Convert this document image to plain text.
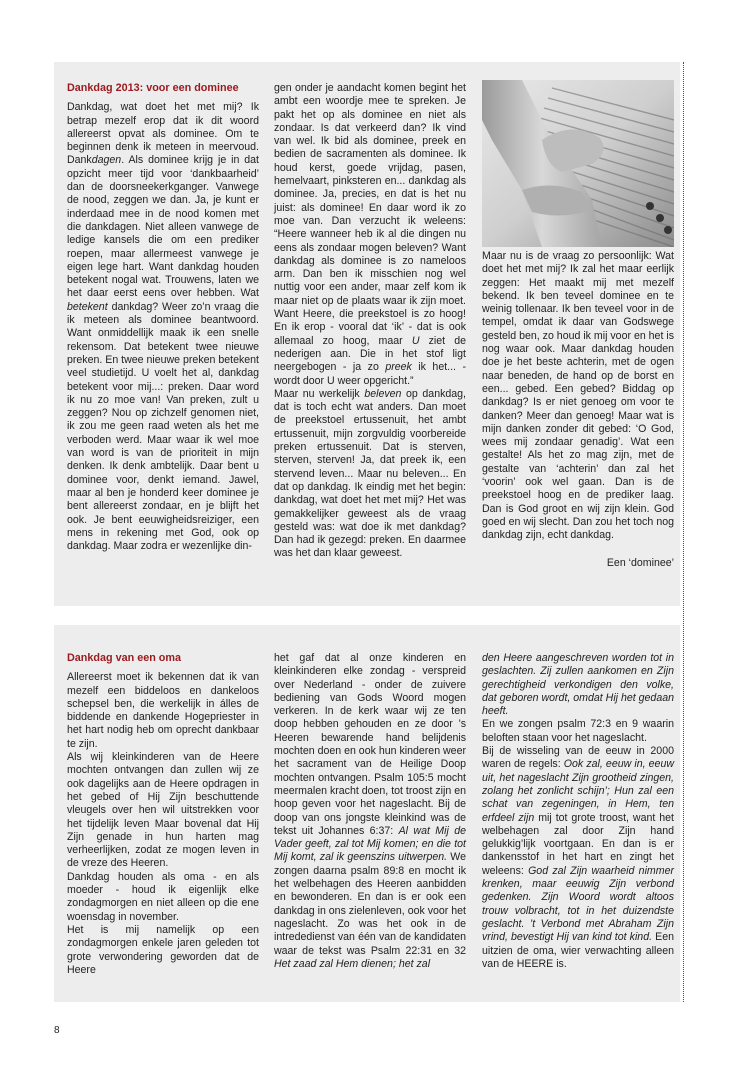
Dankdag 2013: voor een dominee

Dankdag, wat doet het met mij? Ik betrap mezelf erop dat ik dit woord allereerst opvat als dominee. Om te beginnen denk ik meteen in meervoud. Dankdagen. Als dominee krijg je in dat opzicht meer tijd voor ‘dankbaarheid’ dan de doorsneekerkganger. Vanwege de nood, zeggen we dan. Ja, je kunt er inderdaad mee in de nood komen met die dankdagen. Niet alleen vanwege de ledige kansels die om een prediker roepen, maar allermeest vanwege je eigen lege hart. Want dankdag houden betekent nogal wat. Trouwens, laten we het daar eerst eens over hebben. Wat betekent dankdag? Weer zo’n vraag die ik meteen als dominee beantwoord. Want onmiddellijk maak ik een snelle rekensom. Dat betekent twee nieuwe preken. En twee nieuwe preken betekent veel studietijd. U voelt het al, dankdag betekent voor mij...: preken. Daar word ik nu zo moe van! Van preken, zult u zeggen? Nou op zichzelf genomen niet, ik zou me geen raad weten als het me verboden werd. Maar waar ik wel moe van word is van de prioriteit in mijn denken. Ik denk ambtelijk. Daar bent u dominee voor, denkt iemand. Jawel, maar al ben je honderd keer dominee je bent allereerst zondaar, en je blijft het ook. Je bent eeuwigheidsreiziger, een mens in rekening met God, ook op dankdag. Maar zodra er wezenlijke din-

gen onder je aandacht komen begint het ambt een woordje mee te spreken. Je pakt het op als dominee en niet als zondaar. Is dat verkeerd dan? Ik vind van wel. Ik bid als dominee, preek en bedien de sacramenten als dominee. Ik houd kerst, goede vrijdag, pasen, hemelvaart, pinksteren en... dankdag als dominee. Ja, precies, en dat is het nu juist: als dominee! En daar word ik zo moe van. Dan verzucht ik weleens: “Heere wanneer heb ik al die dingen nu eens als zondaar mogen beleven? Want dankdag als dominee is zo nameloos arm. Dan ben ik misschien nog wel nuttig voor een ander, maar zelf kom ik maar niet op de plaats waar ik zijn moet. Want Heere, die preekstoel is zo hoog! En ik erop - vooral dat ‘ik’ - dat is ook allemaal zo hoog, maar U ziet de nederigen aan. Die in het stof ligt neergebogen - ja zo preek ik het... - wordt door U weer opgericht.”

Maar nu werkelijk beleven op dankdag, dat is toch echt wat anders. Dan moet de preekstoel ertussenuit, het ambt ertussenuit, mijn zorgvuldig voorbereide preken ertussenuit. Dat is sterven, sterven, sterven! Ja, dat preek ik, een stervend leven... Maar nu beleven... En dat op dankdag. Ik eindig met het begin: dankdag, wat doet het met mij? Het was gemakkelijker geweest als de vraag gesteld was: wat doe ik met dankdag? Dan had ik gezegd: preken. En daarmee was het dan klaar geweest.

Maar nu is de vraag zo persoonlijk: Wat doet het met mij? Ik zal het maar eerlijk zeggen: Het maakt mij met mezelf bekend. Ik ben teveel dominee en te weinig tollenaar. Ik ben teveel voor in de tempel, omdat ik daar van Godswege gesteld ben, zo houd ik mij voor en het is nog waar ook. Maar dankdag houden doe je het beste achterin, met de ogen naar beneden, de hand op de borst en een... gebed. Een gebed? Biddag op dankdag? Is er niet genoeg om voor te danken? Meer dan genoeg! Maar wat is mijn danken zonder dit gebed: ‘O God, wees mij zondaar genadig’. Wat een gestalte! Als het zo mag zijn, met de gestalte van ‘achterin’ dan zal het ‘voorin’ ook wel gaan. Dan is de preekstoel hoog en de prediker laag. Dan is God groot en wij zijn klein. God goed en wij slecht. Dan zou het toch nog dankdag zijn, echt dankdag.

Een ‘dominee’

Dankdag van een oma

Allereerst moet ik bekennen dat ik van mezelf een biddeloos en dankeloos schepsel ben, die werkelijk in álles de biddende en dankende Hogepriester in het hart nodig heb om oprecht dankbaar te zijn.

Als wij kleinkinderen van de Heere mochten ontvangen dan zullen wij ze ook dagelijks aan de Heere opdragen in het gebed of Hij Zijn beschuttende vleugels over hen wil uitstrekken voor het tijdelijk leven Maar bovenal dat Hij Zijn genade in hun harten mag verheerlijken, zodat ze mogen leven in de vreze des Heeren.

Dankdag houden als oma - en als moeder - houd ik eigenlijk elke zondagmorgen en niet alleen op die ene woensdag in november.

Het is mij namelijk op een zondagmorgen enkele jaren geleden tot grote verwondering geworden dat de Heere

het gaf dat al onze kinderen en kleinkinderen elke zondag - verspreid over Nederland - onder de zuivere bediening van Gods Woord mogen verkeren. In de kerk waar wij ze ten doop hebben gehouden en ze door ’s Heeren bewarende hand belijdenis mochten doen en ook hun kinderen weer het sacrament van de Heilige Doop mochten ontvangen. Psalm 105:5 mocht meermalen kracht doen, tot troost zijn en hoop geven voor het nageslacht. Bij de doop van ons jongste kleinkind was de tekst uit Johannes 6:37: Al wat Mij de Vader geeft, zal tot Mij komen; en die tot Mij komt, zal ik geenszins uitwerpen. We zongen daarna psalm 89:8 en mocht ik het welbehagen des Heeren aanbidden en bewonderen. En dan is er ook een dankdag in ons zielenleven, ook voor het nageslacht. Zo was het ook in de intrededienst van één van de kandidaten waar de tekst was Psalm 22:31 en 32 Het zaad zal Hem dienen; het zal

den Heere aangeschreven worden tot in geslachten. Zij zullen aankomen en Zijn gerechtigheid verkondigen den volke, dat geboren wordt, omdat Hij het gedaan heeft.

En we zongen psalm 72:3 en 9 waarin beloften staan voor het nageslacht.

Bij de wisseling van de eeuw in 2000 waren de regels: Ook zal, eeuw in, eeuw uit, het nageslacht Zijn grootheid zingen, zolang het zonlicht schijn’; Hun zal een schat van zegeningen, in Hem, ten erfdeel zijn mij tot grote troost, want het welbehagen zal door Zijn hand gelukkig’lijk voortgaan. En dan is er dankensstof in het hart en zingt het weleens: God zal Zijn waarheid nimmer krenken, maar eeuwig Zijn verbond gedenken. Zijn Woord wordt altoos trouw volbracht, tot in het duizendste geslacht. ’t Verbond met Abraham Zijn vrind, bevestigt Hij van kind tot kind. Een uitzien de oma, wier verwachting alleen van de HEERE is.

8
